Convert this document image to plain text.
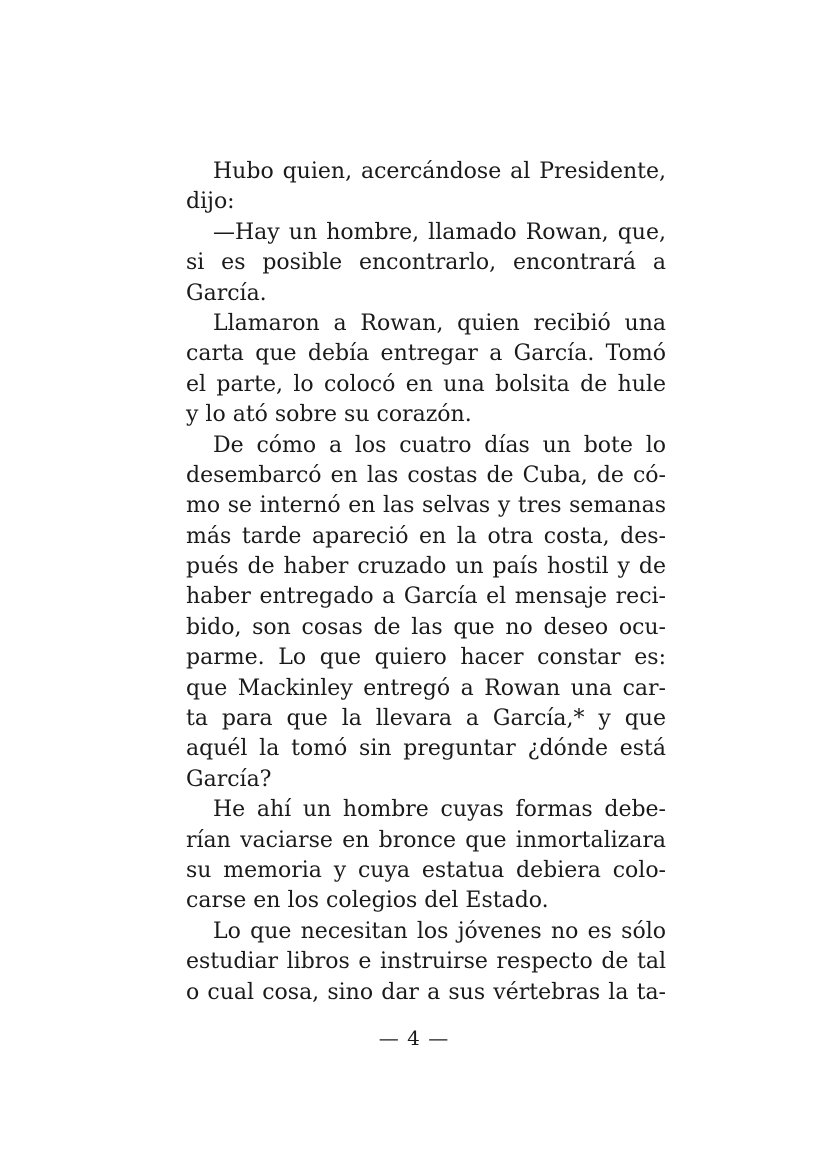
Hubo quien, acercándose al Presidente,
dijo:
—Hay un hombre, llamado Rowan, que,
si es posible encontrarlo, encontrará a
García.
Llamaron a Rowan, quien recibió una
carta que debía entregar a García. Tomó
el parte, lo colocó en una bolsita de hule
y lo ató sobre su corazón.
De cómo a los cuatro días un bote lo
desembarcó en las costas de Cuba, de có-
mo se internó en las selvas y tres semanas
más tarde apareció en la otra costa, des-
pués de haber cruzado un país hostil y de
haber entregado a García el mensaje reci-
bido, son cosas de las que no deseo ocu-
parme. Lo que quiero hacer constar es:
que Mackinley entregó a Rowan una car-
ta para que la llevara a García,* y que
aquél la tomó sin preguntar ¿dónde está
García?
He ahí un hombre cuyas formas debe-
rían vaciarse en bronce que inmortalizara
su memoria y cuya estatua debiera colo-
carse en los colegios del Estado.
Lo que necesitan los jóvenes no es sólo
estudiar libros e instruirse respecto de tal
o cual cosa, sino dar a sus vértebras la ta-
— 4 —
